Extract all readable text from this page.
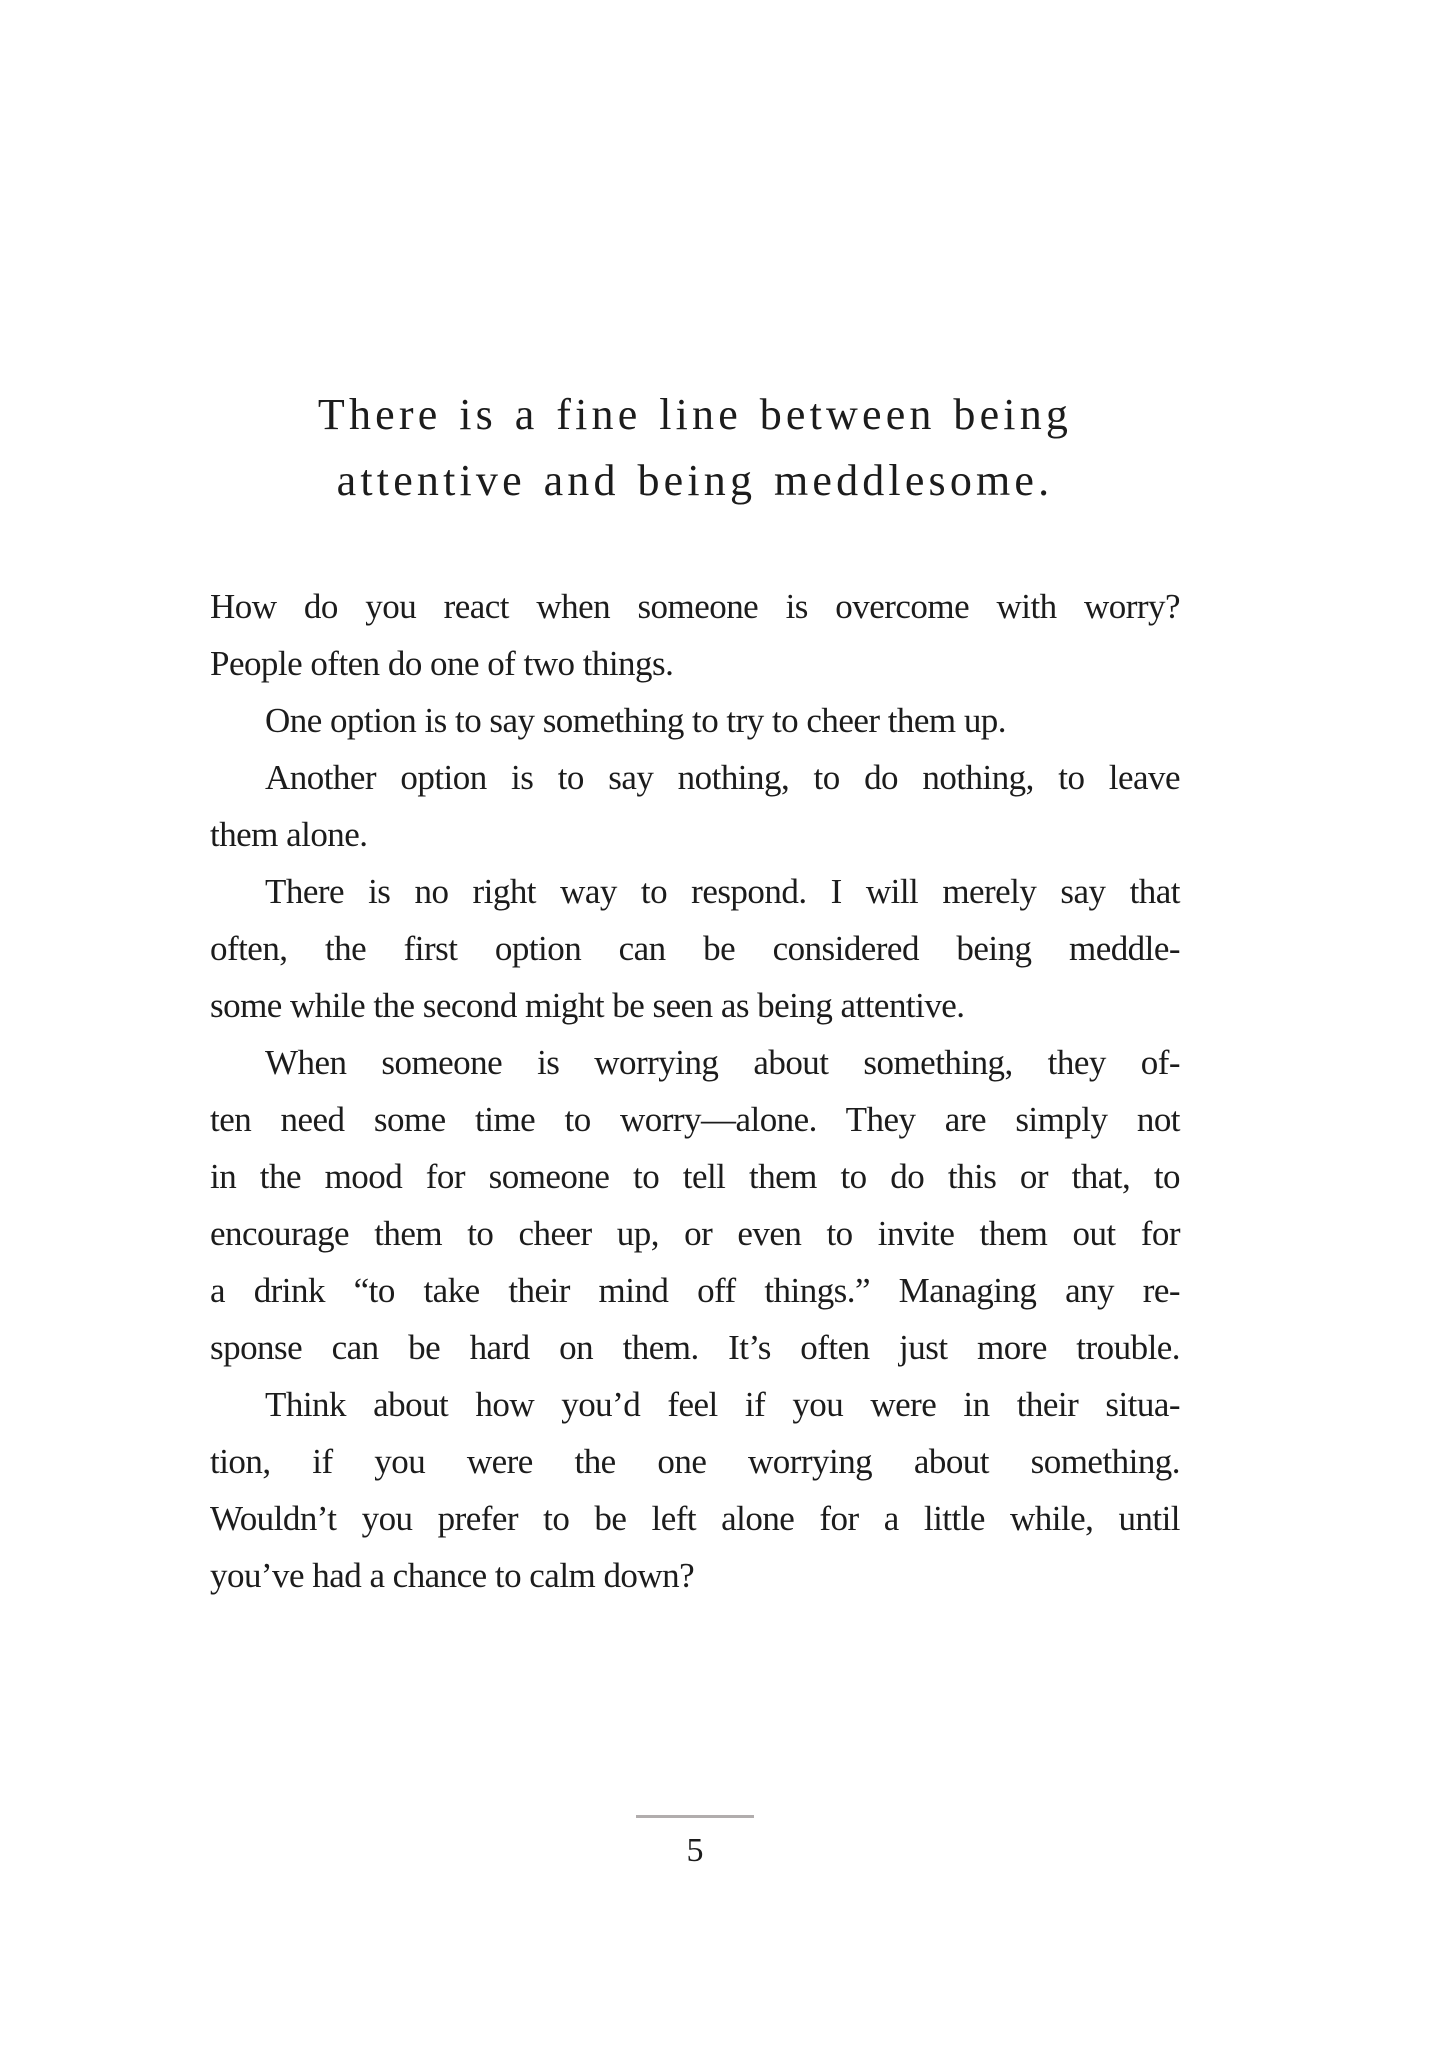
There is a fine line between being
attentive and being meddlesome.
How do you react when someone is overcome with worry?
People often do one of two things.
One option is to say something to try to cheer them up.
Another option is to say nothing, to do nothing, to leave
them alone.
There is no right way to respond. I will merely say that
often, the first option can be considered being meddle-
some while the second might be seen as being attentive.
When someone is worrying about something, they of-
ten need some time to worry—alone. They are simply not
in the mood for someone to tell them to do this or that, to
encourage them to cheer up, or even to invite them out for
a drink “to take their mind off things.” Managing any re-
sponse can be hard on them. It’s often just more trouble.
Think about how you’d feel if you were in their situa-
tion, if you were the one worrying about something.
Wouldn’t you prefer to be left alone for a little while, until
you’ve had a chance to calm down?
5
